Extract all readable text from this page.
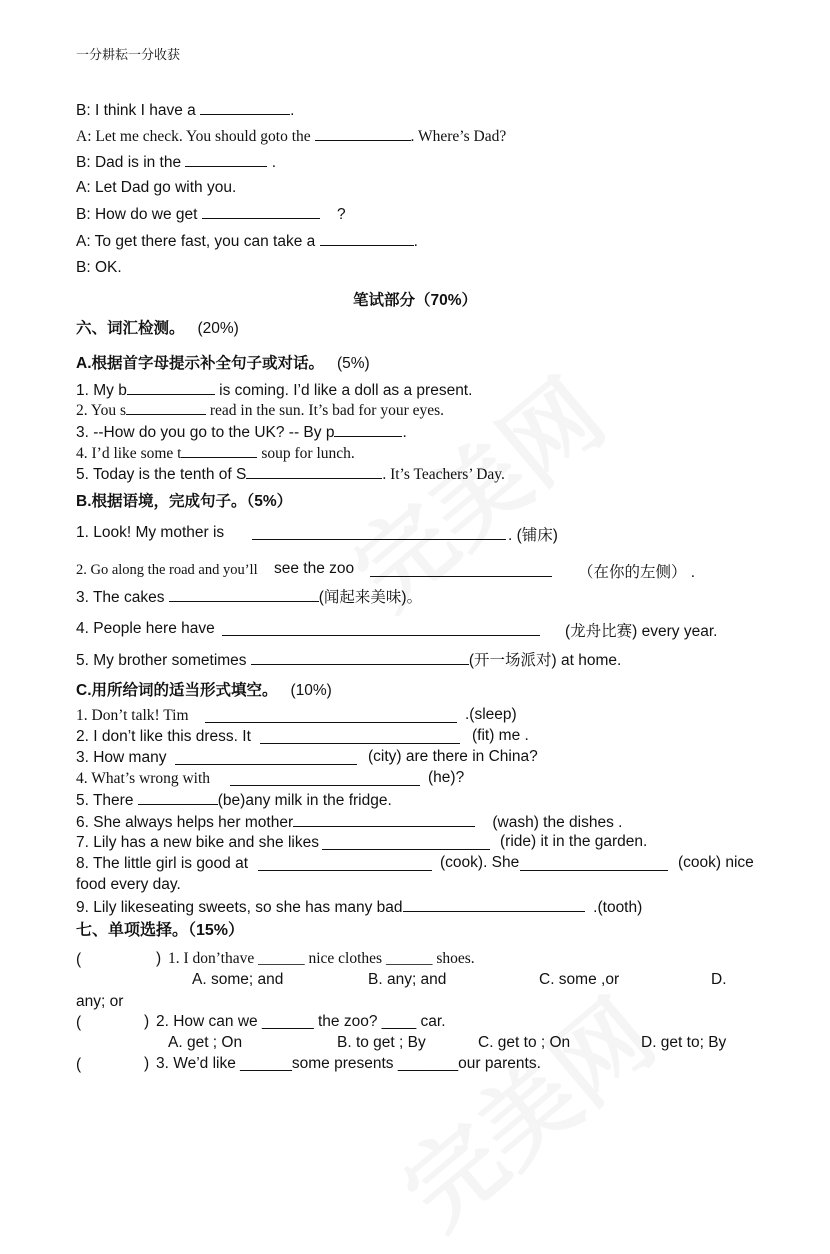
一分耕耘一分收获
B: I think I have a	.
A: Let me check. You should goto the	. Where’s Dad?
B: Dad is in the	.
A: Let Dad go with you.
B: How do we get	?
A: To get there fast, you can take a	.
B: OK.
笔试部分（70%）
六、词汇检测。 (20%)
A.根据首字母提示补全句子或对话。 (5%)
1. My b	is coming. I’d like a doll as a present.
2. You s	read in the sun. It’s bad for your eyes.
3. --How do you go to the UK? -- By p	.
4. I’d like some t	soup for lunch.
5. Today is the tenth of S	. It’s Teachers’ Day.
B.根据语境，完成句子。（5%）
1. Look! My mother is	. (铺床)
2. Go along the road and you’ll see the zoo	（在你的左侧） .
3. The cakes	(闻起来美味)。
4. People here have	(龙舟比赛) every year.
5. My brother sometimes	(开一场派对) at home.
C.用所给词的适当形式填空。 (10%)
1. Don’t talk! Tim	.(sleep)
2. I don’t like this dress. It	(fit) me .
3. How many	(city) are there in China?
4. What’s wrong with	(he)?
5. There	(be)any milk in the fridge.
6. She always helps her mother	(wash) the dishes .
7. Lily has a new bike and she likes	(ride) it in the garden.
8. The little girl is good at	(cook). She	(cook) nice
food every day.
9. Lily likeseating sweets, so she has many bad	.(tooth)
七、单项选择。（15%）
(	) 1. I don’thave ______ nice clothes ______ shoes.
A. some; and	B. any; and	C. some ,or	D.
any; or
(	) 2. How can we ______ the zoo? ____ car.
A. get ; On	B. to get ; By	C. get to ; On	D. get to; By
(	) 3. We’d like ______some presents _______our parents.
